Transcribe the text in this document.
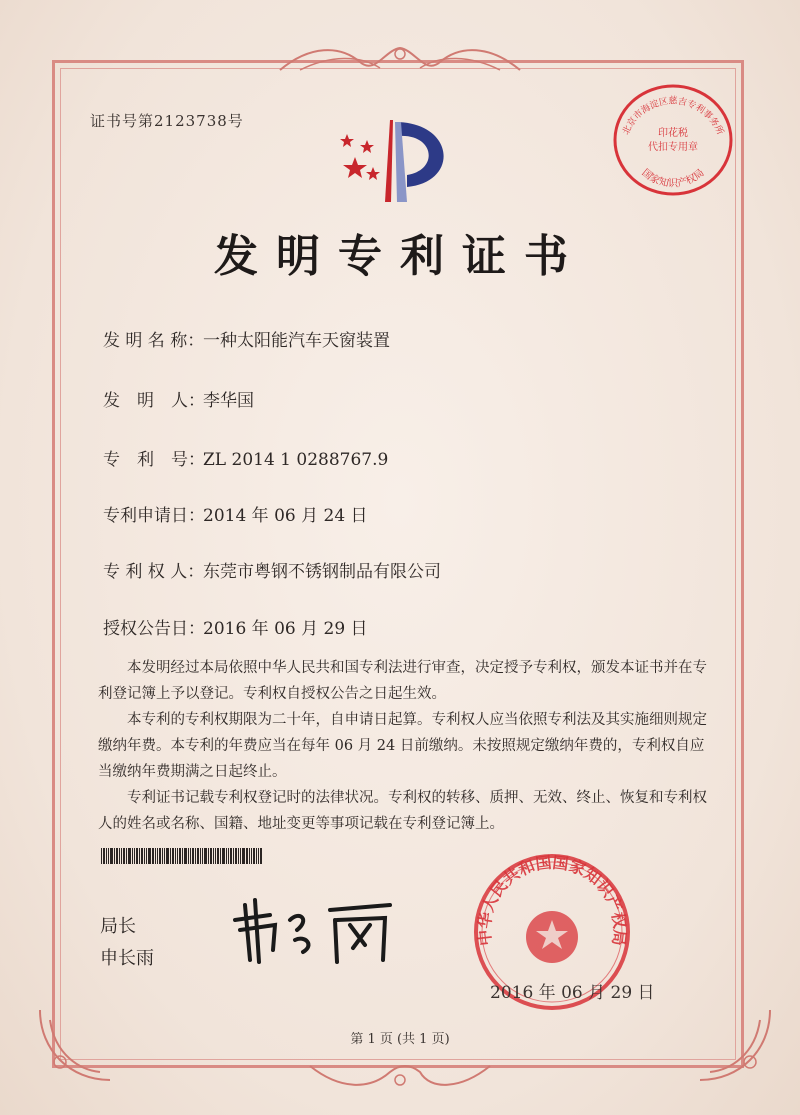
证书号第2123738号
发明专利证书
发 明 名 称：一种太阳能汽车天窗装置
发　明　人：李华国
专　利　号：ZL 2014 1 0288767.9
专利申请日：2014 年 06 月 24 日
专 利 权 人：东莞市粤钢不锈钢制品有限公司
授权公告日：2016 年 06 月 29 日

本发明经过本局依照中华人民共和国专利法进行审查，决定授予专利权，颁发本证书并在专利登记簿上予以登记。专利权自授权公告之日起生效。

本专利的专利权期限为二十年，自申请日起算。专利权人应当依照专利法及其实施细则规定缴纳年费。本专利的年费应当在每年 06 月 24 日前缴纳。未按照规定缴纳年费的，专利权自应当缴纳年费期满之日起终止。

专利证书记载专利权登记时的法律状况。专利权的转移、质押、无效、终止、恢复和专利权人的姓名或名称、国籍、地址变更等事项记载在专利登记簿上。

局长
申长雨
北京市海淀区慈吉专利事务所
印花税
代扣专用章
国家知识产权局
中华人民共和国国家知识产权局
2016 年 06 月 29 日
第 1 页 (共 1 页)
